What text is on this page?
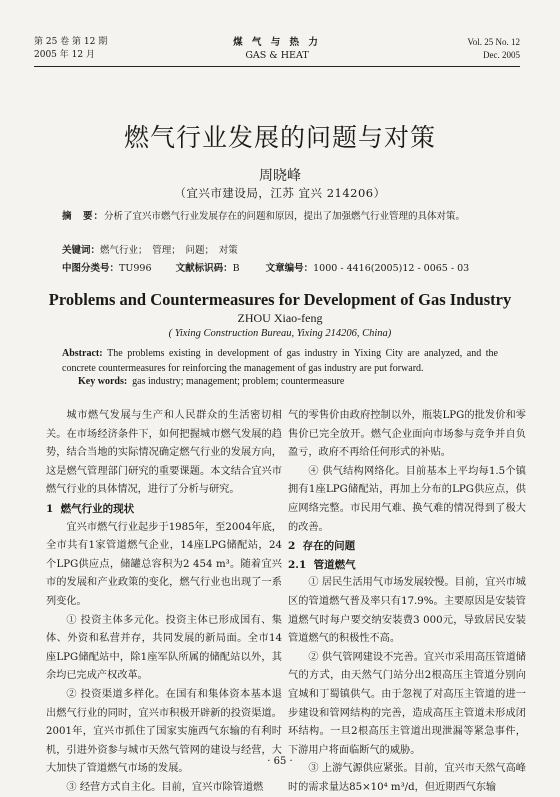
第 25 卷 第 12 期
2005 年 12 月
煤 气 与 热 力
GAS & HEAT
Vol. 25 No. 12
Dec. 2005
燃气行业发展的问题与对策
周晓峰
（宜兴市建设局，江苏 宜兴 214206）
摘　要：分析了宜兴市燃气行业发展存在的问题和原因，提出了加强燃气行业管理的具体对策。
关键词：燃气行业；　管理；　问题；　对策
中图分类号：TU996	文献标识码：B	文章编号：1000 - 4416(2005)12 - 0065 - 03
Problems and Countermeasures for Development of Gas Industry
ZHOU Xiao-feng
( Yixing Construction Bureau, Yixing 214206, China)
Abstract: The problems existing in development of gas industry in Yixing City are analyzed, and the concrete countermeasures for reinforcing the management of gas industry are put forward.
Key words: gas industry; management; problem; countermeasure

城市燃气发展与生产和人民群众的生活密切相关。在市场经济条件下，如何把握城市燃气发展的趋势，结合当地的实际情况确定燃气行业的发展方向，这是燃气管理部门研究的重要课题。本文结合宜兴市燃气行业的具体情况，进行了分析与研究。

1 燃气行业的现状

宜兴市燃气行业起步于1985年，至2004年底，全市共有1家管道燃气企业，14座LPG储配站，24个LPG供应点，储罐总容积为2 454 m³。随着宜兴市的发展和产业政策的变化，燃气行业也出现了一系列变化。

① 投资主体多元化。投资主体已形成国有、集体、外资和私营并存，共同发展的新局面。全市14座LPG储配站中，除1座军队所属的储配站以外，其余均已完成产权改革。

② 投资渠道多样化。在国有和集体资本基本退出燃气行业的同时，宜兴市积极开辟新的投资渠道。2001年，宜兴市抓住了国家实施西气东输的有利时机，引进外资参与城市天然气管网的建设与经营，大大加快了管道燃气市场的发展。

③ 经营方式自主化。目前，宜兴市除管道燃

气的零售价由政府控制以外，瓶装LPG的批发价和零售价已完全放开。燃气企业面向市场参与竞争并自负盈亏，政府不再给任何形式的补贴。

④ 供气结构网络化。目前基本上平均每1.5个镇拥有1座LPG储配站，再加上分布的LPG供应点，供应网络完整。市民用气难、换气难的情况得到了极大的改善。

2 存在的问题
2.1 管道燃气

① 居民生活用气市场发展较慢。目前，宜兴市城区的管道燃气普及率只有17.9%。主要原因是安装管道燃气时每户要交纳安装费3 000元，导致居民安装管道燃气的积极性不高。

② 供气管网建设不完善。宜兴市采用高压管道储气的方式，由天然气门站分出2根高压主管道分别向宜城和丁蜀镇供气。由于忽视了对高压主管道的进一步建设和管网结构的完善，造成高压主管道未形成闭环结构。一旦2根高压主管道出现泄漏等紧急事件，下游用户将面临断气的威胁。

③ 上游气源供应紧张。目前，宜兴市天然气高峰时的需求量达85×10⁴ m³/d，但近期西气东输

· 65 ·
